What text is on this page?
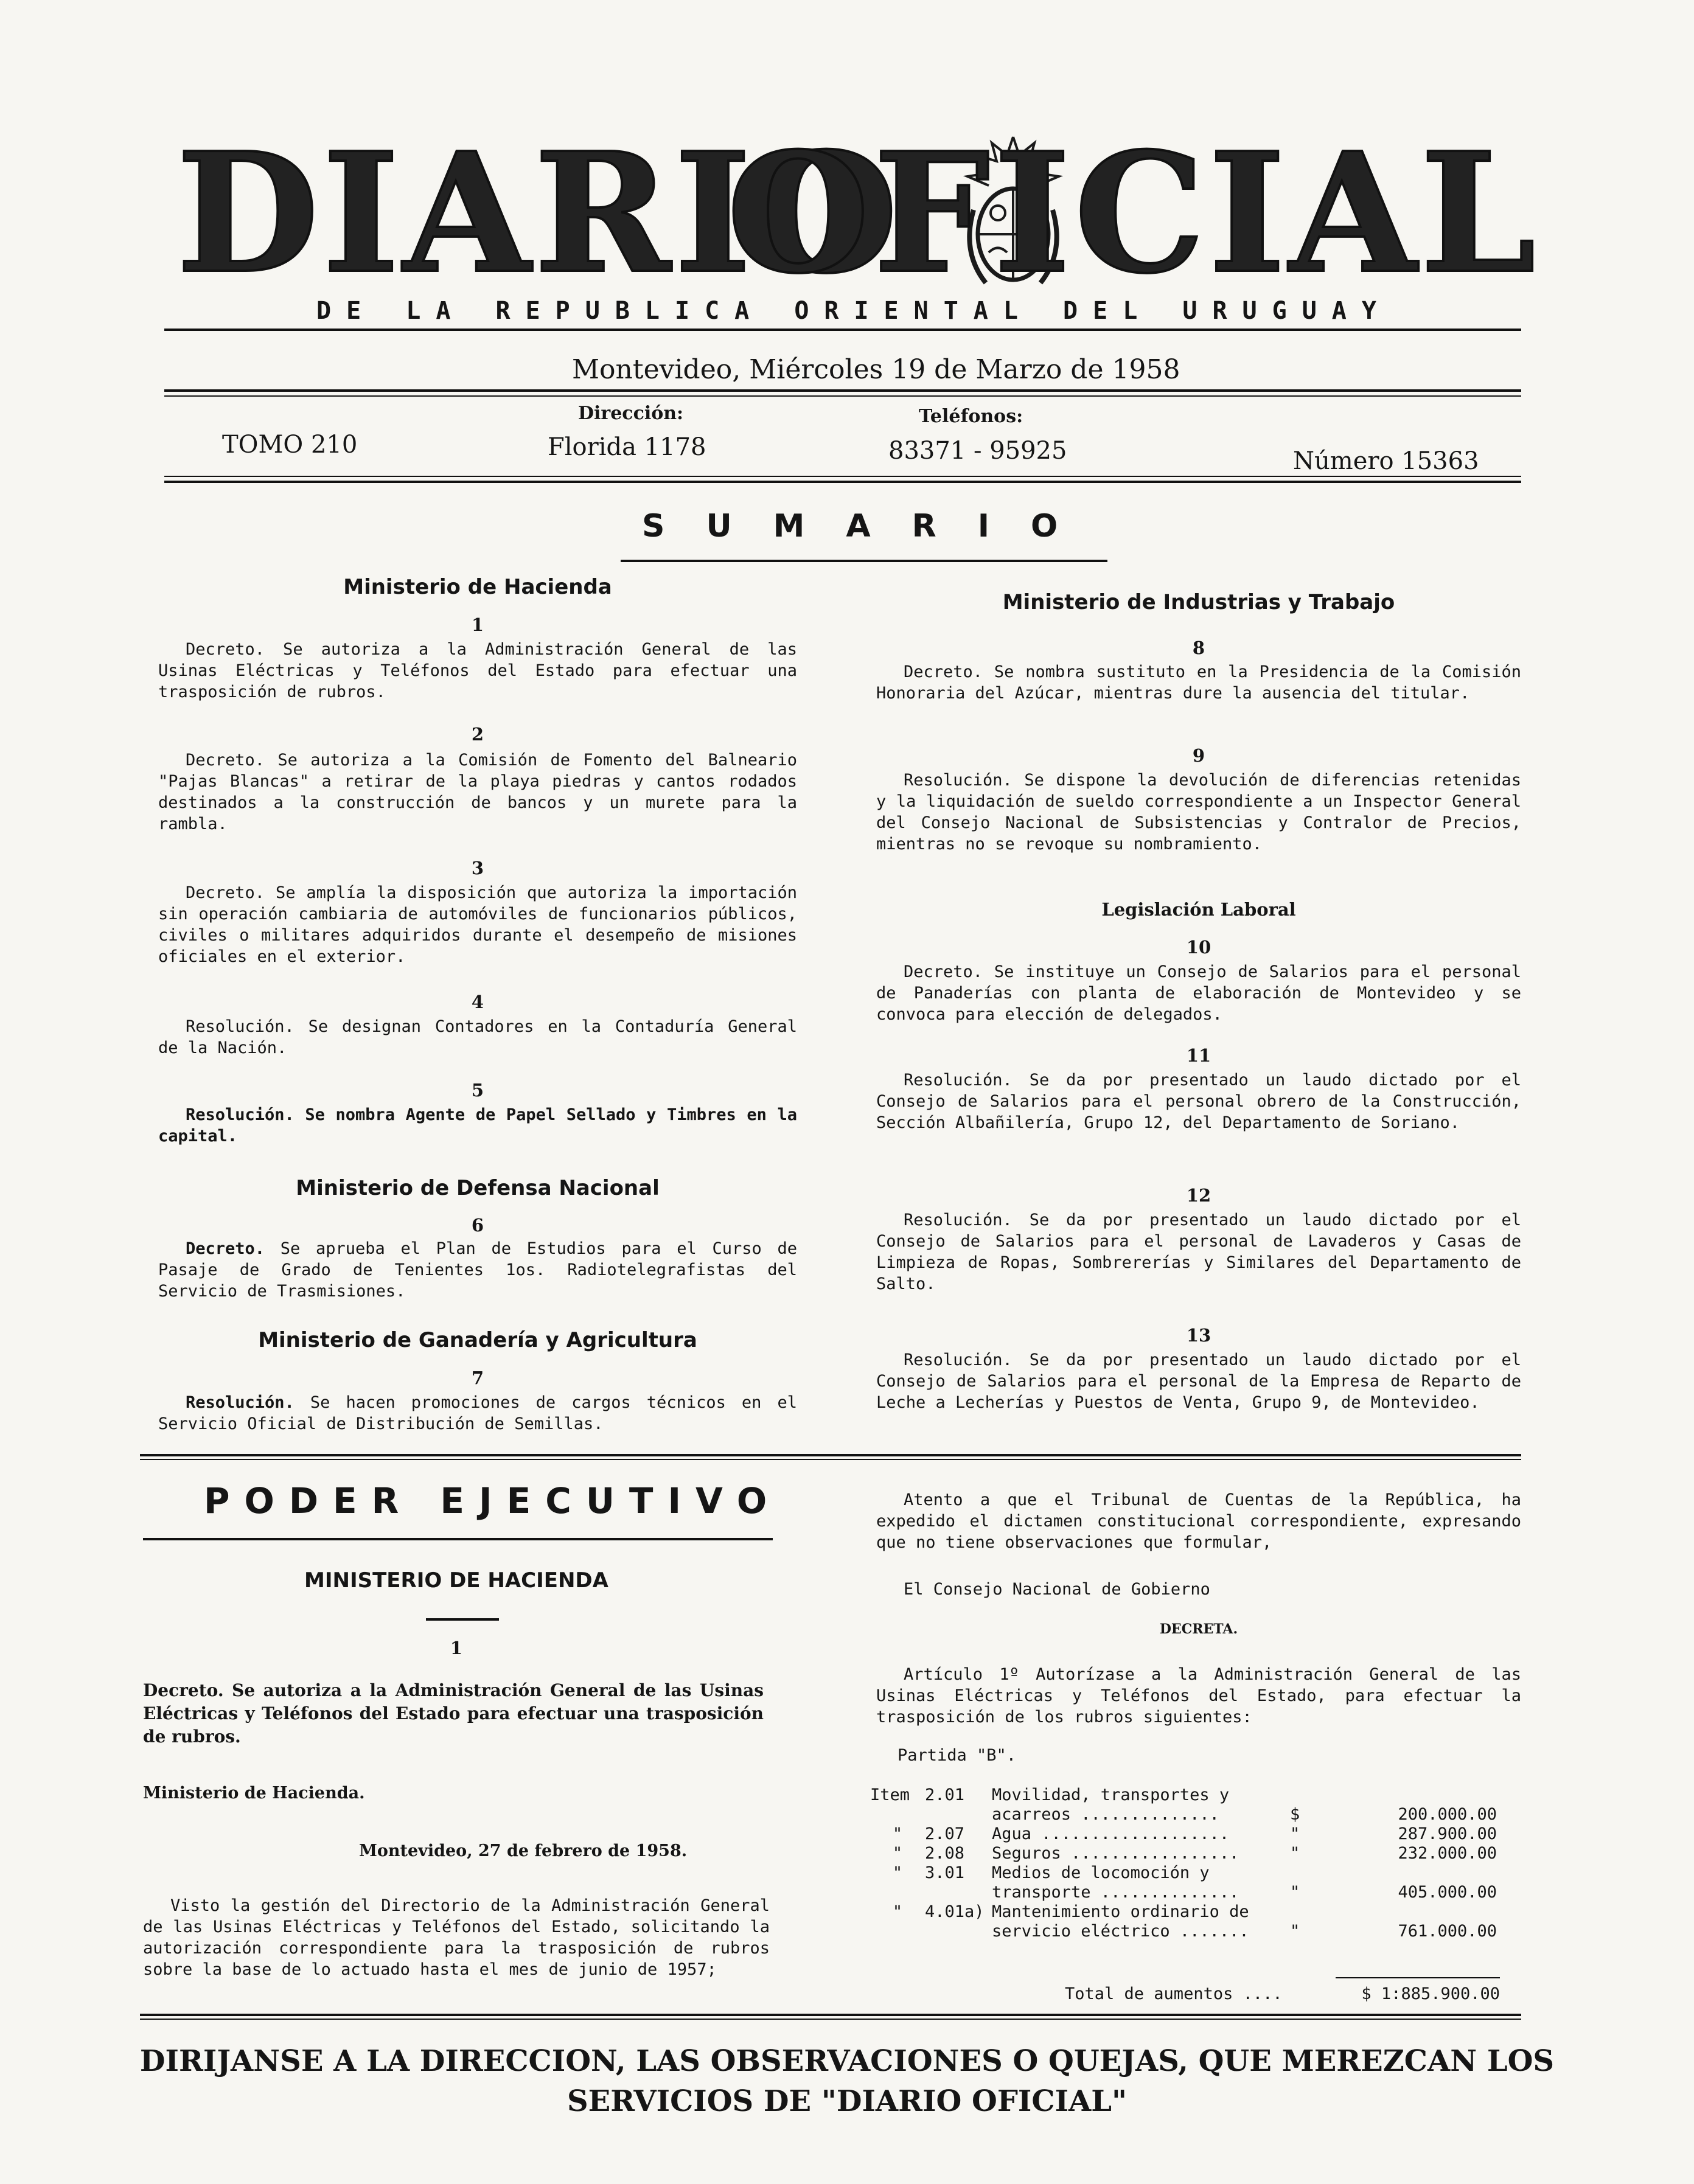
DIARIO
OFICIAL
DE LA REPUBLICA ORIENTAL DEL URUGUAY
Montevideo, Miércoles 19 de Marzo de 1958
TOMO 210
Dirección:
Florida 1178
Teléfonos:
83371 - 95925	Número 15363
SUMARIO
Ministerio de Hacienda
1
Decreto. Se autoriza a la Administración General de las Usinas Eléctricas y Teléfonos del Estado para efectuar una trasposición de rubros.
2
Decreto. Se autoriza a la Comisión de Fomento del Balneario "Pajas Blancas" a retirar de la playa piedras y cantos rodados destinados a la construcción de bancos y un murete para la rambla.
3
Decreto. Se amplía la disposición que autoriza la importación sin operación cambiaria de automóviles de funcionarios públicos, civiles o militares adquiridos durante el desempeño de misiones oficiales en el exterior.
4
Resolución. Se designan Contadores en la Contaduría General de la Nación.
5
Resolución. Se nombra Agente de Papel Sellado y Timbres en la capital.
Ministerio de Defensa Nacional
6
Decreto. Se aprueba el Plan de Estudios para el Curso de Pasaje de Grado de Tenientes 1os. Radiotelegrafistas del Servicio de Trasmisiones.
Ministerio de Ganadería y Agricultura
7
Resolución. Se hacen promociones de cargos técnicos en el Servicio Oficial de Distribución de Semillas.
Ministerio de Industrias y Trabajo
8
Decreto. Se nombra sustituto en la Presidencia de la Comisión Honoraria del Azúcar, mientras dure la ausencia del titular.
9
Resolución. Se dispone la devolución de diferencias retenidas y la liquidación de sueldo correspondiente a un Inspector General del Consejo Nacional de Subsistencias y Contralor de Precios, mientras no se revoque su nombramiento.
Legislación Laboral
10
Decreto. Se instituye un Consejo de Salarios para el personal de Panaderías con planta de elaboración de Montevideo y se convoca para elección de delegados.
11
Resolución. Se da por presentado un laudo dictado por el Consejo de Salarios para el personal obrero de la Construcción, Sección Albañilería, Grupo 12, del Departamento de Soriano.
12
Resolución. Se da por presentado un laudo dictado por el Consejo de Salarios para el personal de Lavaderos y Casas de Limpieza de Ropas, Sombrererías y Similares del Departamento de Salto.
13
Resolución. Se da por presentado un laudo dictado por el Consejo de Salarios para el personal de la Empresa de Reparto de Leche a Lecherías y Puestos de Venta, Grupo 9, de Montevideo.
PODER EJECUTIVO
MINISTERIO DE HACIENDA
1
Decreto. Se autoriza a la Administración General de las Usinas Eléctricas y Teléfonos del Estado para efectuar una trasposición de rubros.
Ministerio de Hacienda.
Montevideo, 27 de febrero de 1958.
Visto la gestión del Directorio de la Administración General de las Usinas Eléctricas y Teléfonos del Estado, solicitando la autorización correspondiente para la trasposición de rubros sobre la base de lo actuado hasta el mes de junio de 1957;
Atento a que el Tribunal de Cuentas de la República, ha expedido el dictamen constitucional correspondiente, expresando que no tiene observaciones que formular,
El Consejo Nacional de Gobierno
DECRETA.
Artículo 1º Autorízase a la Administración General de las Usinas Eléctricas y Teléfonos del Estado, para efectuar la trasposición de los rubros siguientes:
Partida "B".
Item	2.01	Movilidad, transportes y acarreos ..............	$	200.000.00
"	2.07	Agua ...................	"	287.900.00
"	2.08	Seguros .................	"	232.000.00
"	3.01	Medios de locomoción y transporte ..............	"	405.000.00
"	4.01a)	Mantenimiento ordinario de servicio eléctrico .......	"	761.000.00
Total de aumentos ....	$ 1:885.900.00
DIRIJANSE A LA DIRECCION, LAS OBSERVACIONES O QUEJAS, QUE MEREZCAN LOS
SERVICIOS DE "DIARIO OFICIAL"
